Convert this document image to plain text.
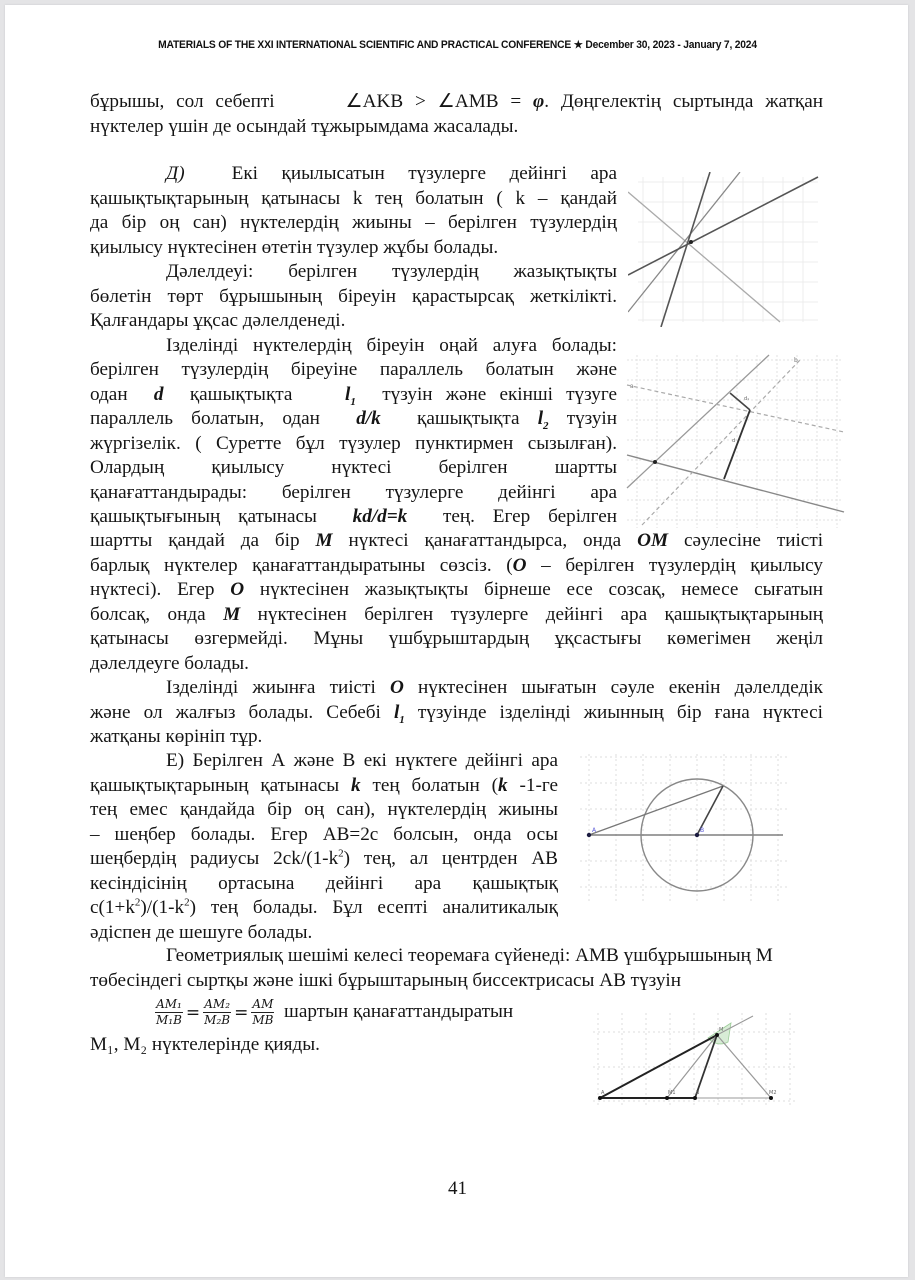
MATERIALS OF THE XXI INTERNATIONAL SCIENTIFIC AND PRACTICAL CONFERENCE ★ December 30, 2023 - January 7, 2024
бұрышы, сол себепті	∠AKB > ∠AMB = φ. Дөңгелектің сыртында жатқан
нүктелер үшін де осындай тұжырымдама жасалады.
Д) Екі қиылысатын түзулерге дейінгі ара
қашықтықтарының қатынасы k тең болатын ( k – қандай
да бір оң сан) нүктелердің жиыны – берілген түзулердің
қиылысу нүктесінен өтетін түзулер жұбы болады.
Дәлелдеуі: берілген түзулердің жазықтықты
бөлетін төрт бұрышының біреуін қарастырсақ жеткілікті.
Қалғандары ұқсас дәлелденеді.
Ізделінді нүктелердің біреуін оңай алуға болады:
берілген түзулердің біреуіне параллель болатын және
одан d қашықтықта	$l_1$ түзуін және екінші түзуге
параллель болатын, одан d/k қашықтықта $l_2$ түзуін
жүргізелік. ( Суретте бұл түзулер пунктирмен сызылған).
Олардың қиылысу нүктесі берілген шартты
қанағаттандырады: берілген түзулерге дейінгі ара
қашықтығының қатынасы kd/d=k тең. Егер берілген
шартты қандай да бір M нүктесі қанағаттандырса, онда OM сәулесіне тиісті
барлық нүктелер қанағаттандыратыны сөзсіз. (O – берілген түзулердің қиылысу
нүктесі). Егер O нүктесінен жазықтықты бірнеше есе созсақ, немесе сығатын
болсақ, онда M нүктесінен берілген түзулерге дейінгі ара қашықтықтарының
қатынасы өзгермейді. Мұны үшбұрыштардың ұқсастығы көмегімен жеңіл
дәлелдеуге болады.
Ізделінді жиынға тиісті O нүктесінен шығатын сәуле екенін дәлелдедік
және ол жалғыз болады. Себебі $l_1$ түзуінде ізделінді жиынның бір ғана нүктесі
жатқаны көрініп тұр.
Е) Берілген А және В екі нүктеге дейінгі ара
қашықтықтарының қатынасы k тең болатын (k -1-ге
тең емес қандайда бір оң сан), нүктелердің жиыны
– шеңбер болады. Егер AB=2c болсын, онда осы
шеңбердің радиусы $2ck/(1-k^2)$ тең, ал центрден AB
кесіндісінің ортасына дейінгі ара қашықтық
$c(1+k^2)/(1-k^2)$ тең болады. Бұл есепті аналитикалық
әдіспен де шешуге болады.
Геометриялық шешімі келесі теоремаға сүйенеді: AMB үшбұрышының M
төбесіндегі сыртқы және ішкі бұрыштарының биссектрисасы AB түзуін
$\frac{\text{AM₁}}{\text{M₁B}} = \frac{\text{AM₂}}{\text{M₂B}} = \frac{AM}{MB}$ шартын қанағаттандыратын
M₁, M₂ нүктелерінде қияды.
a
b
d₁
d
A	B
A	M1	B	M2
M
41
